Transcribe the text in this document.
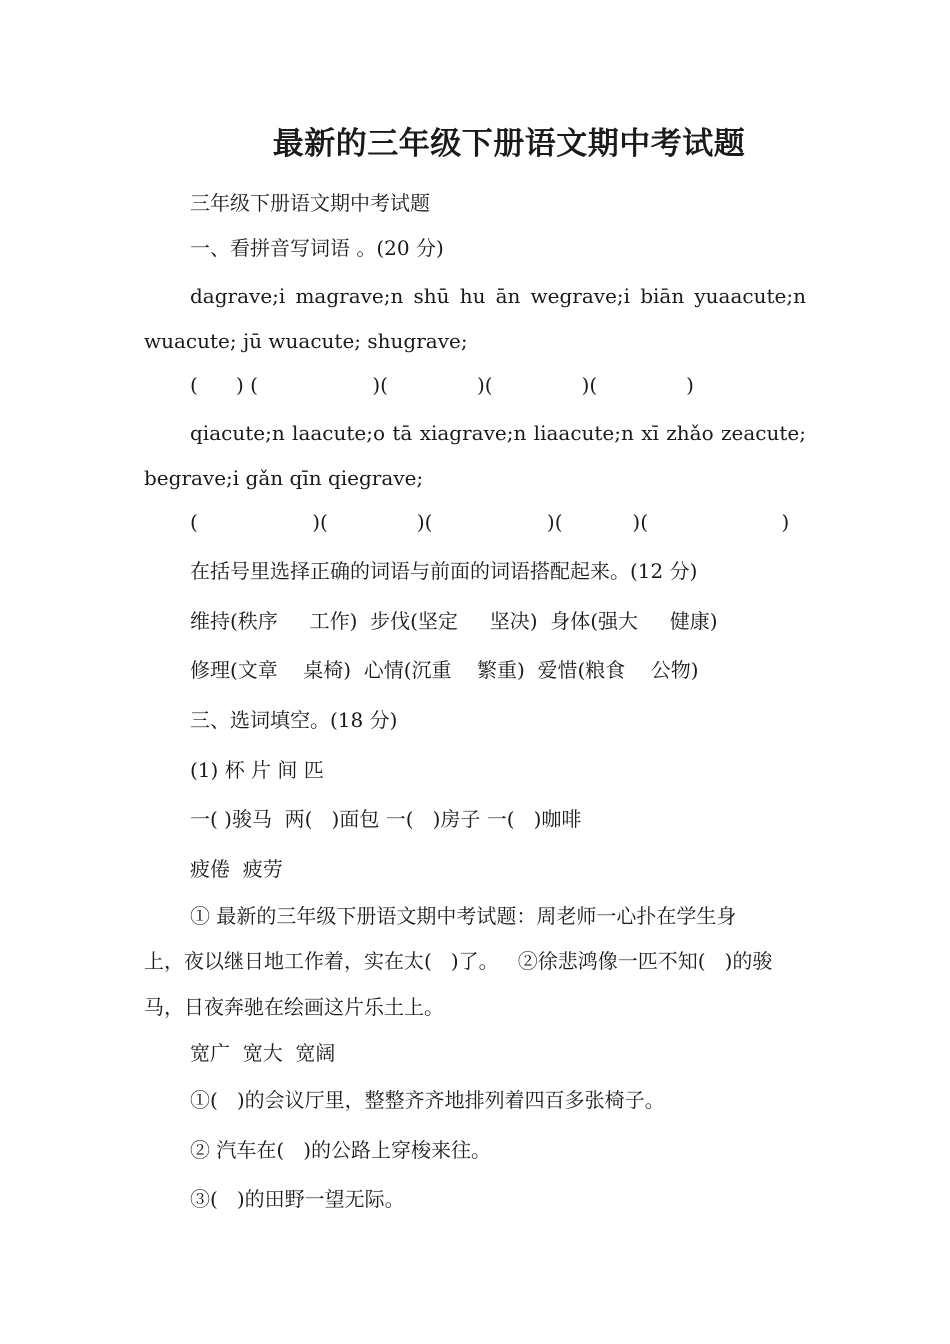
最新的三年级下册语文期中考试题
三年级下册语文期中考试题
一、看拼音写词语 。(20 分)
dagrave;i magrave;n shū hu ān wegrave;i biān yuaacute;n
wuacute; jū wuacute; shugrave;
(      ) (                  )(              )(              )(              )
qiacute;n laacute;o tā xiagrave;n liaacute;n xī zhǎo zeacute;
begrave;i gǎn qīn qiegrave;
(                  )(              )(                  )(           )(                     )
在括号里选择正确的词语与前面的词语搭配起来。(12 分)
维持(秩序     工作)  步伐(坚定     坚决)  身体(强大     健康)
修理(文章    桌椅)  心情(沉重    繁重)  爱惜(粮食    公物)
三、选词填空。(18 分)
(1) 杯 片 间 匹
一( )骏马  两(   )面包 一(   )房子 一(   )咖啡
疲倦  疲劳
① 最新的三年级下册语文期中考试题：周老师一心扑在学生身
上，夜以继日地工作着，实在太(   )了。   ②徐悲鸿像一匹不知(   )的骏
马，日夜奔驰在绘画这片乐土上。
宽广  宽大  宽阔
①(   )的会议厅里，整整齐齐地排列着四百多张椅子。
② 汽车在(   )的公路上穿梭来往。
③(   )的田野一望无际。
